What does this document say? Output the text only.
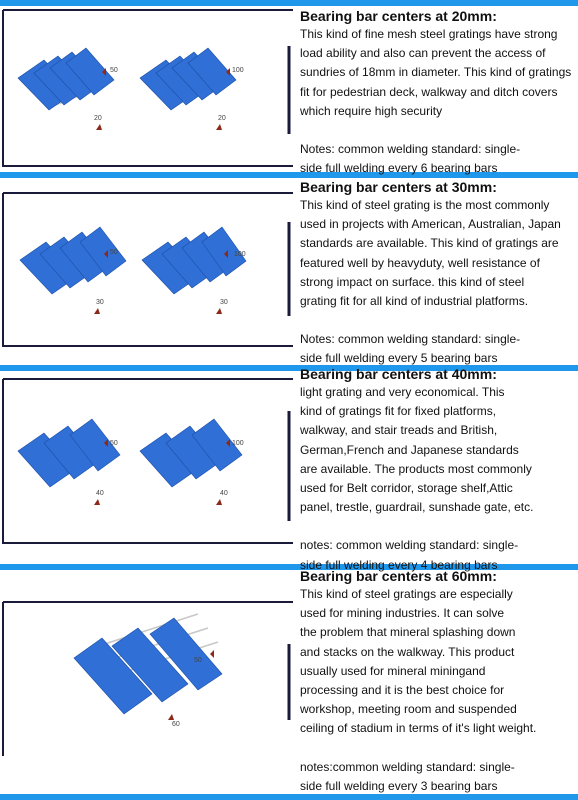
50
20
100
20
Bearing bar centers at 20mm:

This kind of fine mesh steel gratings have strong

load ability and also can prevent the access of

sundries of 18mm in diameter. This kind of gratings

fit for pedestrian deck, walkway and ditch covers

which require high security

Notes: common welding standard: single-

side full welding every 6 bearing bars

50
30
100
30
Bearing bar centers at 30mm:

This kind of steel grating is the most commonly

used in projects with American, Australian, Japan

standards are available. This kind of gratings are

featured well by heavyduty, well resistance of

strong impact on surface. this kind of steel

grating fit for all kind of industrial platforms.

Notes: common welding standard: single-

side full welding every 5 bearing bars

50
40
100
40
Bearing bar centers at 40mm:

light grating and very economical. This

kind of gratings fit for fixed platforms,

walkway, and stair treads and British,

German,French and Japanese standards

are available. The products most commonly

used for Belt corridor, storage shelf,Attic

panel, trestle, guardrail, sunshade gate, etc.

notes: common welding standard: single-

side full welding every 4 bearing bars

50
60
Bearing bar centers at 60mm:

This kind of steel gratings are especially

used for mining industries. It can solve

the problem that mineral splashing down

and stacks on the walkway. This product

usually used for mineral miningand

processing and it is the best choice for

workshop, meeting room and suspended

ceiling of stadium in terms of it's light weight.

notes:common welding standard: single-

side full welding every 3 bearing bars
